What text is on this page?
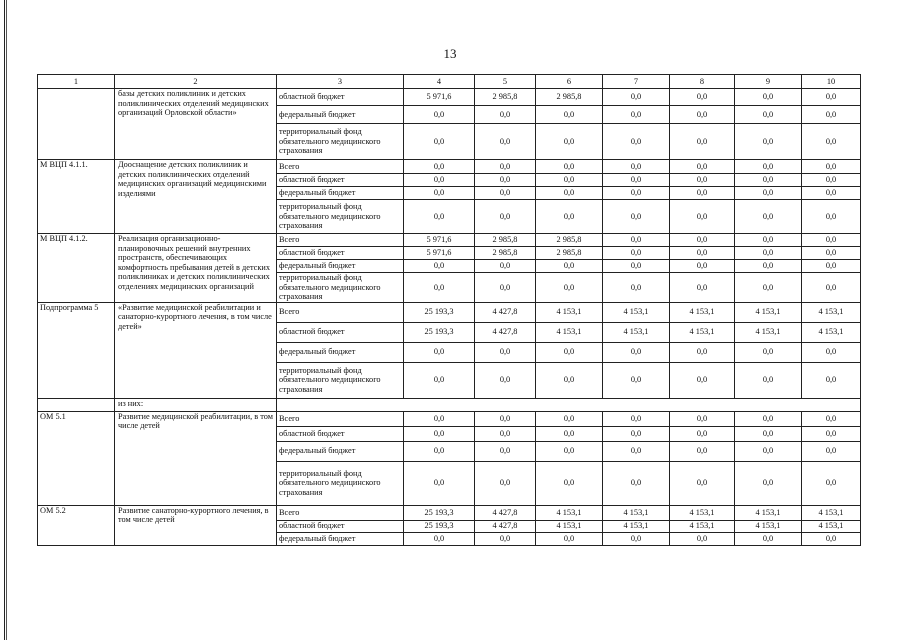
13
1	2	3	4	5	6	7	8	9	10
	базы детских поликлиник и детских поликлинических отделений медицинских организаций Орловской области»	областной бюджет	5 971,6	2 985,8	2 985,8	0,0	0,0	0,0	0,0
		федеральный бюджет	0,0	0,0	0,0	0,0	0,0	0,0	0,0
		территориальный фонд обязательного медицинского страхования	0,0	0,0	0,0	0,0	0,0	0,0	0,0
М ВЦП 4.1.1.	Дооснащение детских поликлиник и детских поликлинических отделений медицинских организаций медицинскими изделиями	Всего	0,0	0,0	0,0	0,0	0,0	0,0	0,0
		областной бюджет	0,0	0,0	0,0	0,0	0,0	0,0	0,0
		федеральный бюджет	0,0	0,0	0,0	0,0	0,0	0,0	0,0
		территориальный фонд обязательного медицинского страхования	0,0	0,0	0,0	0,0	0,0	0,0	0,0
М ВЦП 4.1.2.	Реализация организационно-планировочных решений внутренних пространств, обеспечивающих комфортность пребывания детей в детских поликлиниках и детских поликлинических отделениях медицинских организаций	Всего	5 971,6	2 985,8	2 985,8	0,0	0,0	0,0	0,0
		областной бюджет	5 971,6	2 985,8	2 985,8	0,0	0,0	0,0	0,0
		федеральный бюджет	0,0	0,0	0,0	0,0	0,0	0,0	0,0
		территориальный фонд обязательного медицинского страхования	0,0	0,0	0,0	0,0	0,0	0,0	0,0
Подпрограмма 5	«Развитие медицинской реабилитации и санаторно-курортного лечения, в том числе детей»	Всего	25 193,3	4 427,8	4 153,1	4 153,1	4 153,1	4 153,1	4 153,1
		областной бюджет	25 193,3	4 427,8	4 153,1	4 153,1	4 153,1	4 153,1	4 153,1
		федеральный бюджет	0,0	0,0	0,0	0,0	0,0	0,0	0,0
		территориальный фонд обязательного медицинского страхования	0,0	0,0	0,0	0,0	0,0	0,0	0,0
	из них:								
ОМ 5.1	Развитие медицинской реабилитации, в том числе детей	Всего	0,0	0,0	0,0	0,0	0,0	0,0	0,0
		областной бюджет	0,0	0,0	0,0	0,0	0,0	0,0	0,0
		федеральный бюджет	0,0	0,0	0,0	0,0	0,0	0,0	0,0
		территориальный фонд обязательного медицинского страхования	0,0	0,0	0,0	0,0	0,0	0,0	0,0
ОМ 5.2	Развитие санаторно-курортного лечения, в том числе детей	Всего	25 193,3	4 427,8	4 153,1	4 153,1	4 153,1	4 153,1	4 153,1
		областной бюджет	25 193,3	4 427,8	4 153,1	4 153,1	4 153,1	4 153,1	4 153,1
		федеральный бюджет	0,0	0,0	0,0	0,0	0,0	0,0	0,0
